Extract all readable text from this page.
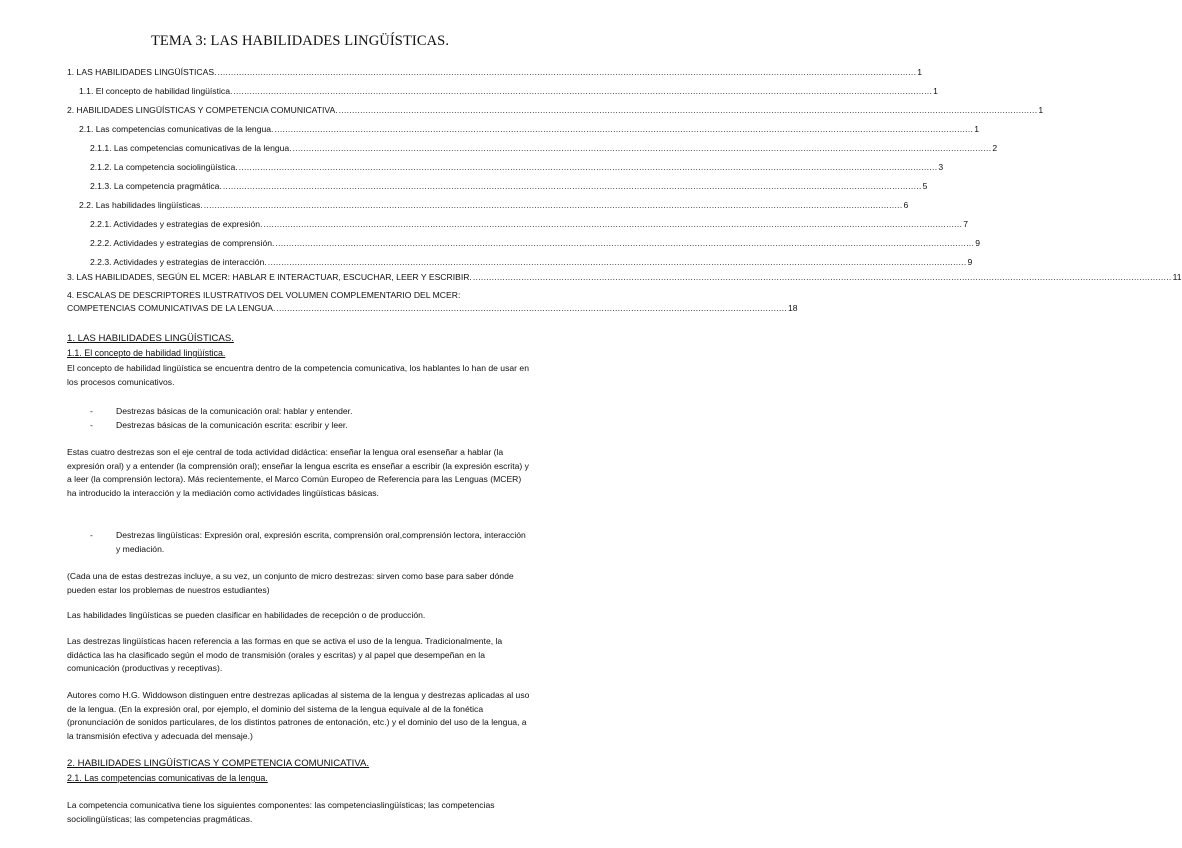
TEMA 3: LAS HABILIDADES LINGÜÍSTICAS.
1. LAS HABILIDADES LINGÜÍSTICAS. .................................................................................................................................................................................................................................................................... 1
1.1. El concepto de habilidad lingüística. .................................................................................................................................................................................................................................................................... 1
2. HABILIDADES LINGÜÍSTICAS Y COMPETENCIA COMUNICATIVA. .................................................................................................................................................................................................................................................................... 1
2.1. Las competencias comunicativas de la lengua. .................................................................................................................................................................................................................................................................... 1
2.1.1. Las competencias comunicativas de la lengua. .................................................................................................................................................................................................................................................................... 2
2.1.2. La competencia sociolingüística. .................................................................................................................................................................................................................................................................... 3
2.1.3. La competencia pragmática. .................................................................................................................................................................................................................................................................... 5
2.2. Las habilidades lingüísticas. .................................................................................................................................................................................................................................................................... 6
2.2.1. Actividades y estrategias de expresión. .................................................................................................................................................................................................................................................................... 7
2.2.2. Actividades y estrategias de comprensión. .................................................................................................................................................................................................................................................................... 9
2.2.3. Actividades y estrategias de interacción. .................................................................................................................................................................................................................................................................... 9
3. LAS HABILIDADES, SEGÚN EL MCER: HABLAR E INTERACTUAR, ESCUCHAR, LEER Y ESCRIBIR. .................................................................................................................................................................................................................................................................... 11
4. ESCALAS DE DESCRIPTORES ILUSTRATIVOS DEL VOLUMEN COMPLEMENTARIO DEL MCER:
COMPETENCIAS COMUNICATIVAS DE LA LENGUA. .............................................................................................................................................................................................. 18
1. LAS HABILIDADES LINGÜÍSTICAS.
1.1. El concepto de habilidad lingüística.
El concepto de habilidad lingüística se encuentra dentro de la competencia comunicativa, los hablantes lo han de usar en los procesos comunicativos.
-	Destrezas básicas de la comunicación oral: hablar y entender.
-	Destrezas básicas de la comunicación escrita: escribir y leer.
Estas cuatro destrezas son el eje central de toda actividad didáctica: enseñar la lengua oral esenseñar a hablar (la expresión oral) y a entender (la comprensión oral); enseñar la lengua escrita es enseñar a escribir (la expresión escrita) y a leer (la comprensión lectora). Más recientemente, el Marco Común Europeo de Referencia para las Lenguas (MCER) ha introducido la interacción y la mediación como actividades lingüísticas básicas.
-	Destrezas lingüísticas: Expresión oral, expresión escrita, comprensión oral,comprensión lectora, interacción y mediación.
(Cada una de estas destrezas incluye, a su vez, un conjunto de micro destrezas: sirven como base para saber dónde pueden estar los problemas de nuestros estudiantes)
Las habilidades lingüísticas se pueden clasificar en habilidades de recepción o de producción.
Las destrezas lingüísticas hacen referencia a las formas en que se activa el uso de la lengua. Tradicionalmente, la didáctica las ha clasificado según el modo de transmisión (orales y escritas) y al papel que desempeñan en la comunicación (productivas y receptivas).
Autores como H.G. Widdowson distinguen entre destrezas aplicadas al sistema de la lengua y destrezas aplicadas al uso de la lengua. (En la expresión oral, por ejemplo, el dominio del sistema de la lengua equivale al de la fonética (pronunciación de sonidos particulares, de los distintos patrones de entonación, etc.) y el dominio del uso de la lengua, a la transmisión efectiva y adecuada del mensaje.)
2. HABILIDADES LINGÜÍSTICAS Y COMPETENCIA COMUNICATIVA.
2.1. Las competencias comunicativas de la lengua.
La competencia comunicativa tiene los siguientes componentes: las competenciaslingüísticas; las competencias sociolingüísticas; las competencias pragmáticas.
